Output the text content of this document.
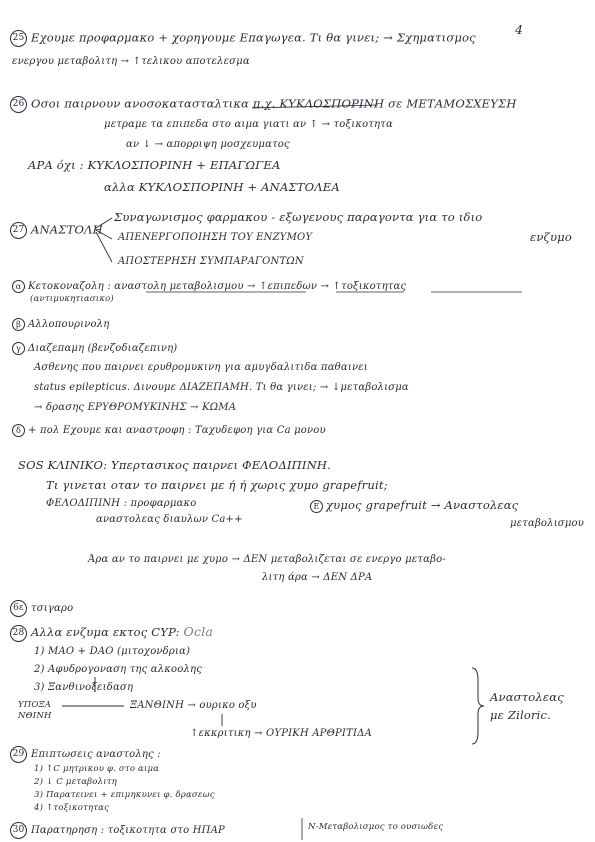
4
25 Εχουμε προφαρμακο + χορηγουμε Επαγωγεα. Τι θα γινει; → Σχηματισμος
ενεργου μεταβολιτη → ↑τελικου αποτελεσμα
26 Οσοι παιρνουν ανοσοκατασταλτικα π.χ. ΚΥΚΛΟΣΠΟΡΙΝΗ σε ΜΕΤΑΜΟΣΧΕΥΣΗ
μετραμε τα επιπεδα στο αιμα γιατι αν ↑ → τοξικοτητα
αν ↓ → απορριψη μοσχευματος
ΑΡΑ όχι : ΚΥΚΛΟΣΠΟΡΙΝΗ + ΕΠΑΓΩΓΕΑ
αλλα ΚΥΚΛΟΣΠΟΡΙΝΗ + ΑΝΑΣΤΟΛΕΑ
27 ΑΝΑΣΤΟΛΗ
Συναγωνισμος φαρμακου - εξωγενους παραγοντα για το ιδιο
ενζυμο
ΑΠΕΝΕΡΓΟΠΟΙΗΣΗ ΤΟΥ ΕΝΖΥΜΟΥ
ΑΠΟΣΤΕΡΗΣΗ ΣΥΜΠΑΡΑΓΟΝΤΩΝ
α Κετοκοναζολη : αναστολη μεταβολισμου → ↑επιπεδων → ↑τοξικοτητας
(αντιμυκητιασικο)
β Αλλοπουρινολη
γ Διαζεπαμη (βενζοδιαζεπινη)
Ασθενης που παιρνει ερυθρομυκινη για αμυγδαλιτιδα παθαινει
status epilepticus. Δινουμε ΔΙΑΖΕΠΑΜΗ. Τι θα γινει; → ↓μεταβολισμα
→ δρασης ΕΡΥΘΡΟΜΥΚΙΝΗΣ → ΚΩΜΑ
δ + πολ Εχουμε και αναστροφη : Ταχυδεφοη για Ca μονου
SOS ΚΛΙΝΙΚΟ: Υπερτασικος παιρνει ΦΕΛΟΔΙΠΙΝΗ.
Τι γινεται οταν το παιρνει με ή ή χωρις χυμο grapefruit;
ΦΕΛΟΔΙΠΙΝΗ : προφαρμακο
αναστολεας διαυλων Ca++
E χυμος grapefruit → Αναστολεας
μεταβολισμου
Άρα αν το παιρνει με χυμο → ΔΕΝ μεταβολιζεται σε ενεργο μεταβο-
λιτη άρα → ΔΕΝ ΔΡΑ
6ε τσιγαρο
28 Αλλα ενζυμα εκτος CYP: Ocla
1) ΜΑΟ + DAO (μιτοχονδρια)
2) Αφυδρογοναση της αλκοολης
3) Ξανθινοξειδαση
ΥΠΟΞΑ
ΝΘΙΝΗ
ΞΑΝΘΙΝΗ → ουρικο οξυ
↑εκκριτικη → ΟΥΡΙΚΗ ΑΡΘΡΙΤΙΔΑ
Αναστολεας
με Ziloric.
29 Επιπτωσεις αναστολης :
1) ↑C μητρικου φ. στο αιμα
2) ↓ C μεταβολιτη
3) Παρατεινει + επιμηκυνει φ. δρασεως
4) ↑τοξικοτητας
30 Παρατηρηση : τοξικοτητα στο ΗΠΑΡ	Ν-Μεταβολισμος το ουσιωδες
